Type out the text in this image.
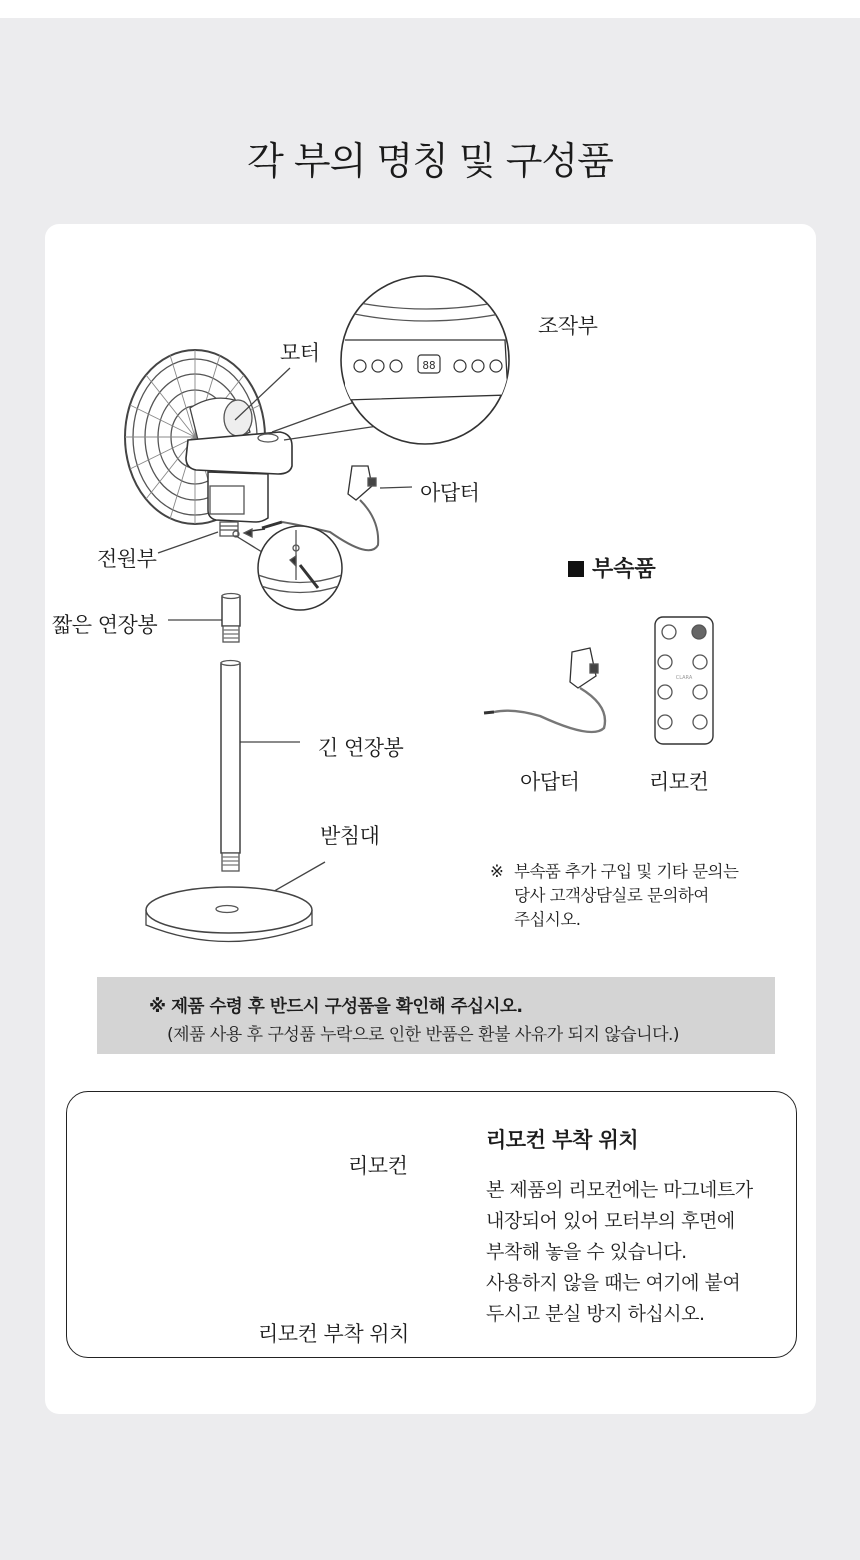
각 부의 명칭 및 구성품
CLARA
88
조작부
모터
아답터
전원부
짧은 연장봉
긴 연장봉
받침대
부속품
아답터	리모컨
※ 부속품 추가 구입 및 기타 문의는
당사 고객상담실로 문의하여
주십시오.
※ 제품 수령 후 반드시 구성품을 확인해 주십시오.
(제품 사용 후 구성품 누락으로 인한 반품은 환불 사유가 되지 않습니다.)
리모컨
리모컨 부착 위치
리모컨 부착 위치
본 제품의 리모컨에는 마그네트가
내장되어 있어 모터부의 후면에
부착해 놓을 수 있습니다.
사용하지 않을 때는 여기에 붙여
두시고 분실 방지 하십시오.
